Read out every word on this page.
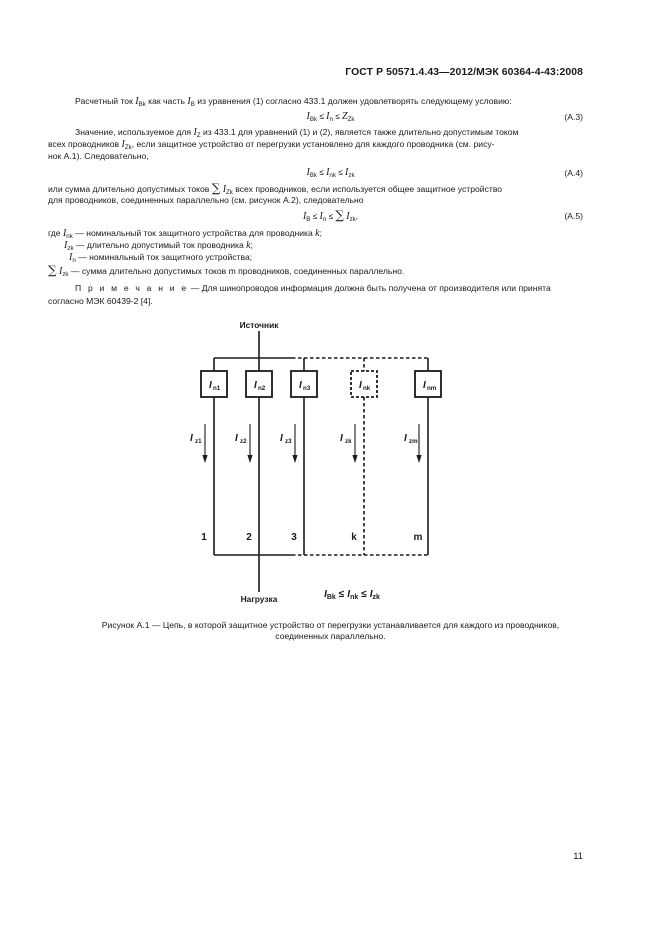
ГОСТ Р 50571.4.43—2012/МЭК 60364-4-43:2008
Расчетный ток $I_{Bk}$ как часть $I_B$ из уравнения (1) согласно 433.1 должен удовлетворять следующему условию:
$I_{Bk} \le I_n \le Z_{Zk}$	(А.3)
Значение, используемое для $I_Z$ из 433.1 для уравнений (1) и (2), является также длительно допустимым током
всех проводников $I_{Zk}$, если защитное устройство от перегрузки установлено для каждого проводника (см. рису-
нок А.1). Следовательно,
$I_{Bk} \le I_{nk} \le I_{zk}$	(А.4)
или сумма длительно допустимых токов ∑ $I_{Zk}$ всех проводников, если используется общее защитное устройство
для проводников, соединенных параллельно (см. рисунок А.2), следовательно
$I_B \le I_n$ ≤ ∑ $I_{zk}$,	(А.5)
где $I_{nk}$ — номинальный ток защитного устройства для проводника k;
$I_{zk}$ — длительно допустимый ток проводника k;
$I_n$ — номинальный ток защитного устройства;
∑ $I_{zk}$ — сумма длительно допустимых токов m проводников, соединенных параллельно.
П р и м е ч а н и е — Для шинопроводов информация должна быть получена от производителя или принята
согласно МЭК 60439-2 [4].
Источник
Нагрузка
I n1
I z1
1
I n2
I z2
2
I n3
I z3
3
I nk
I zk
k
I nm
I zm
m
$I_{Bk} \le I_{nk} \le I_{zk}$
Рисунок А.1 — Цепь, в которой защитное устройство от перегрузки устанавливается для каждого из проводников,
соединенных параллельно.
11
